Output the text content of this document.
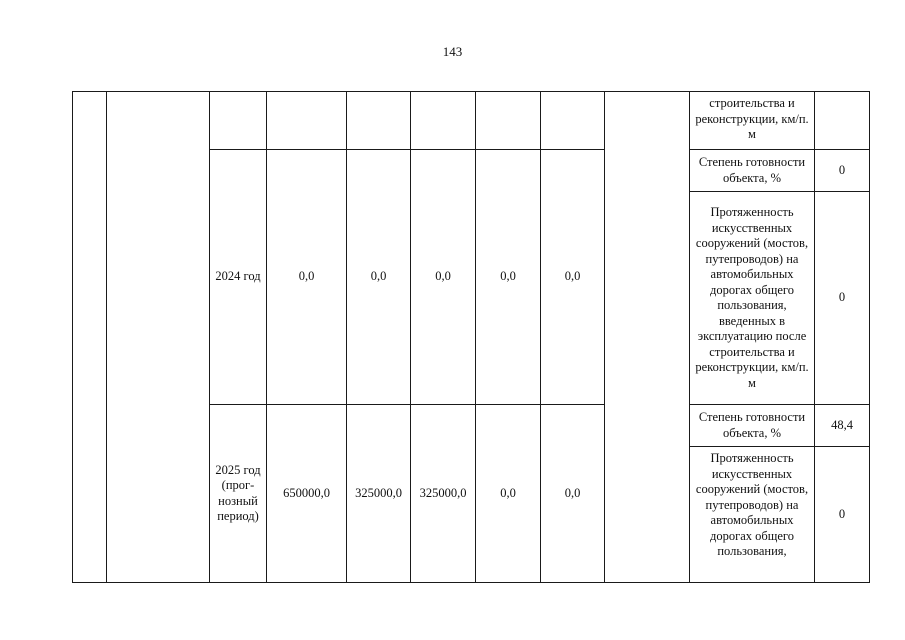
143

									строительства и реконструкции, км/п. м	

		2024 год	0,0	0,0	0,0	0,0	0,0		Степень готовности объекта, %	0

									Протяженность искусственных сооружений (мостов, путепроводов) на автомобильных дорогах общего пользования, введенных в эксплуатацию после строительства и реконструкции, км/п. м	0

		2025 год (прог-нозный период)	650000,0	325000,0	325000,0	0,0	0,0		Степень готовности объекта, %	48,4

									Протяженность искусственных сооружений (мостов, путепроводов) на автомобильных дорогах общего пользования,	0
